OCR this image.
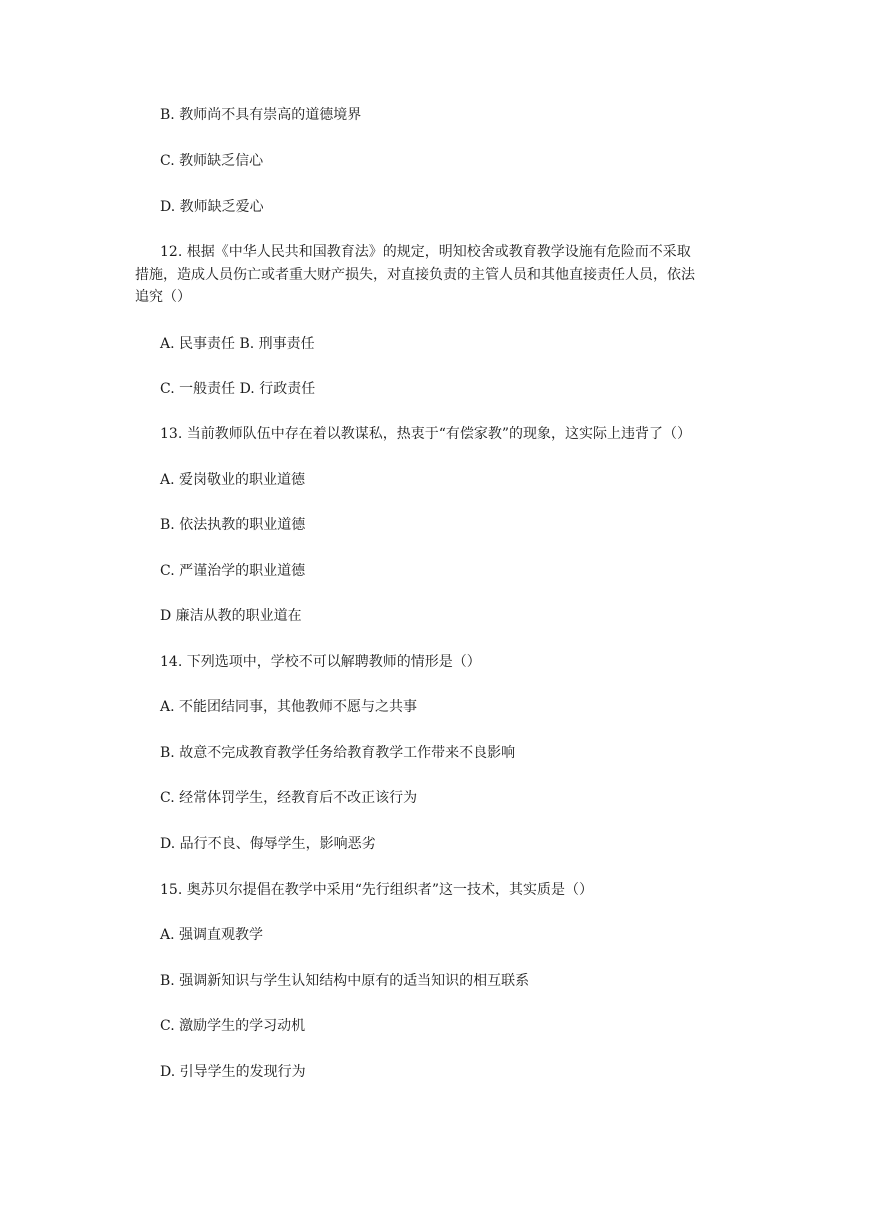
B. 教师尚不具有崇高的道德境界
C. 教师缺乏信心
D. 教师缺乏爱心
12. 根据《中华人民共和国教育法》的规定，明知校舍或教育教学设施有危险而不采取
措施，造成人员伤亡或者重大财产损失，对直接负责的主管人员和其他直接责任人员，依法
追究（）
A. 民事责任 B. 刑事责任
C. 一般责任 D. 行政责任
13. 当前教师队伍中存在着以教谋私，热衷于“有偿家教”的现象，这实际上违背了（）
A. 爱岗敬业的职业道德
B. 依法执教的职业道德
C. 严谨治学的职业道德
D 廉洁从教的职业道在
14. 下列选项中，学校不可以解聘教师的情形是（）
A. 不能团结同事，其他教师不愿与之共事
B. 故意不完成教育教学任务给教育教学工作带来不良影响
C. 经常体罚学生，经教育后不改正该行为
D. 品行不良、侮辱学生，影响恶劣
15. 奥苏贝尔提倡在教学中采用“先行组织者”这一技术，其实质是（）
A. 强调直观教学
B. 强调新知识与学生认知结构中原有的适当知识的相互联系
C. 激励学生的学习动机
D. 引导学生的发现行为
